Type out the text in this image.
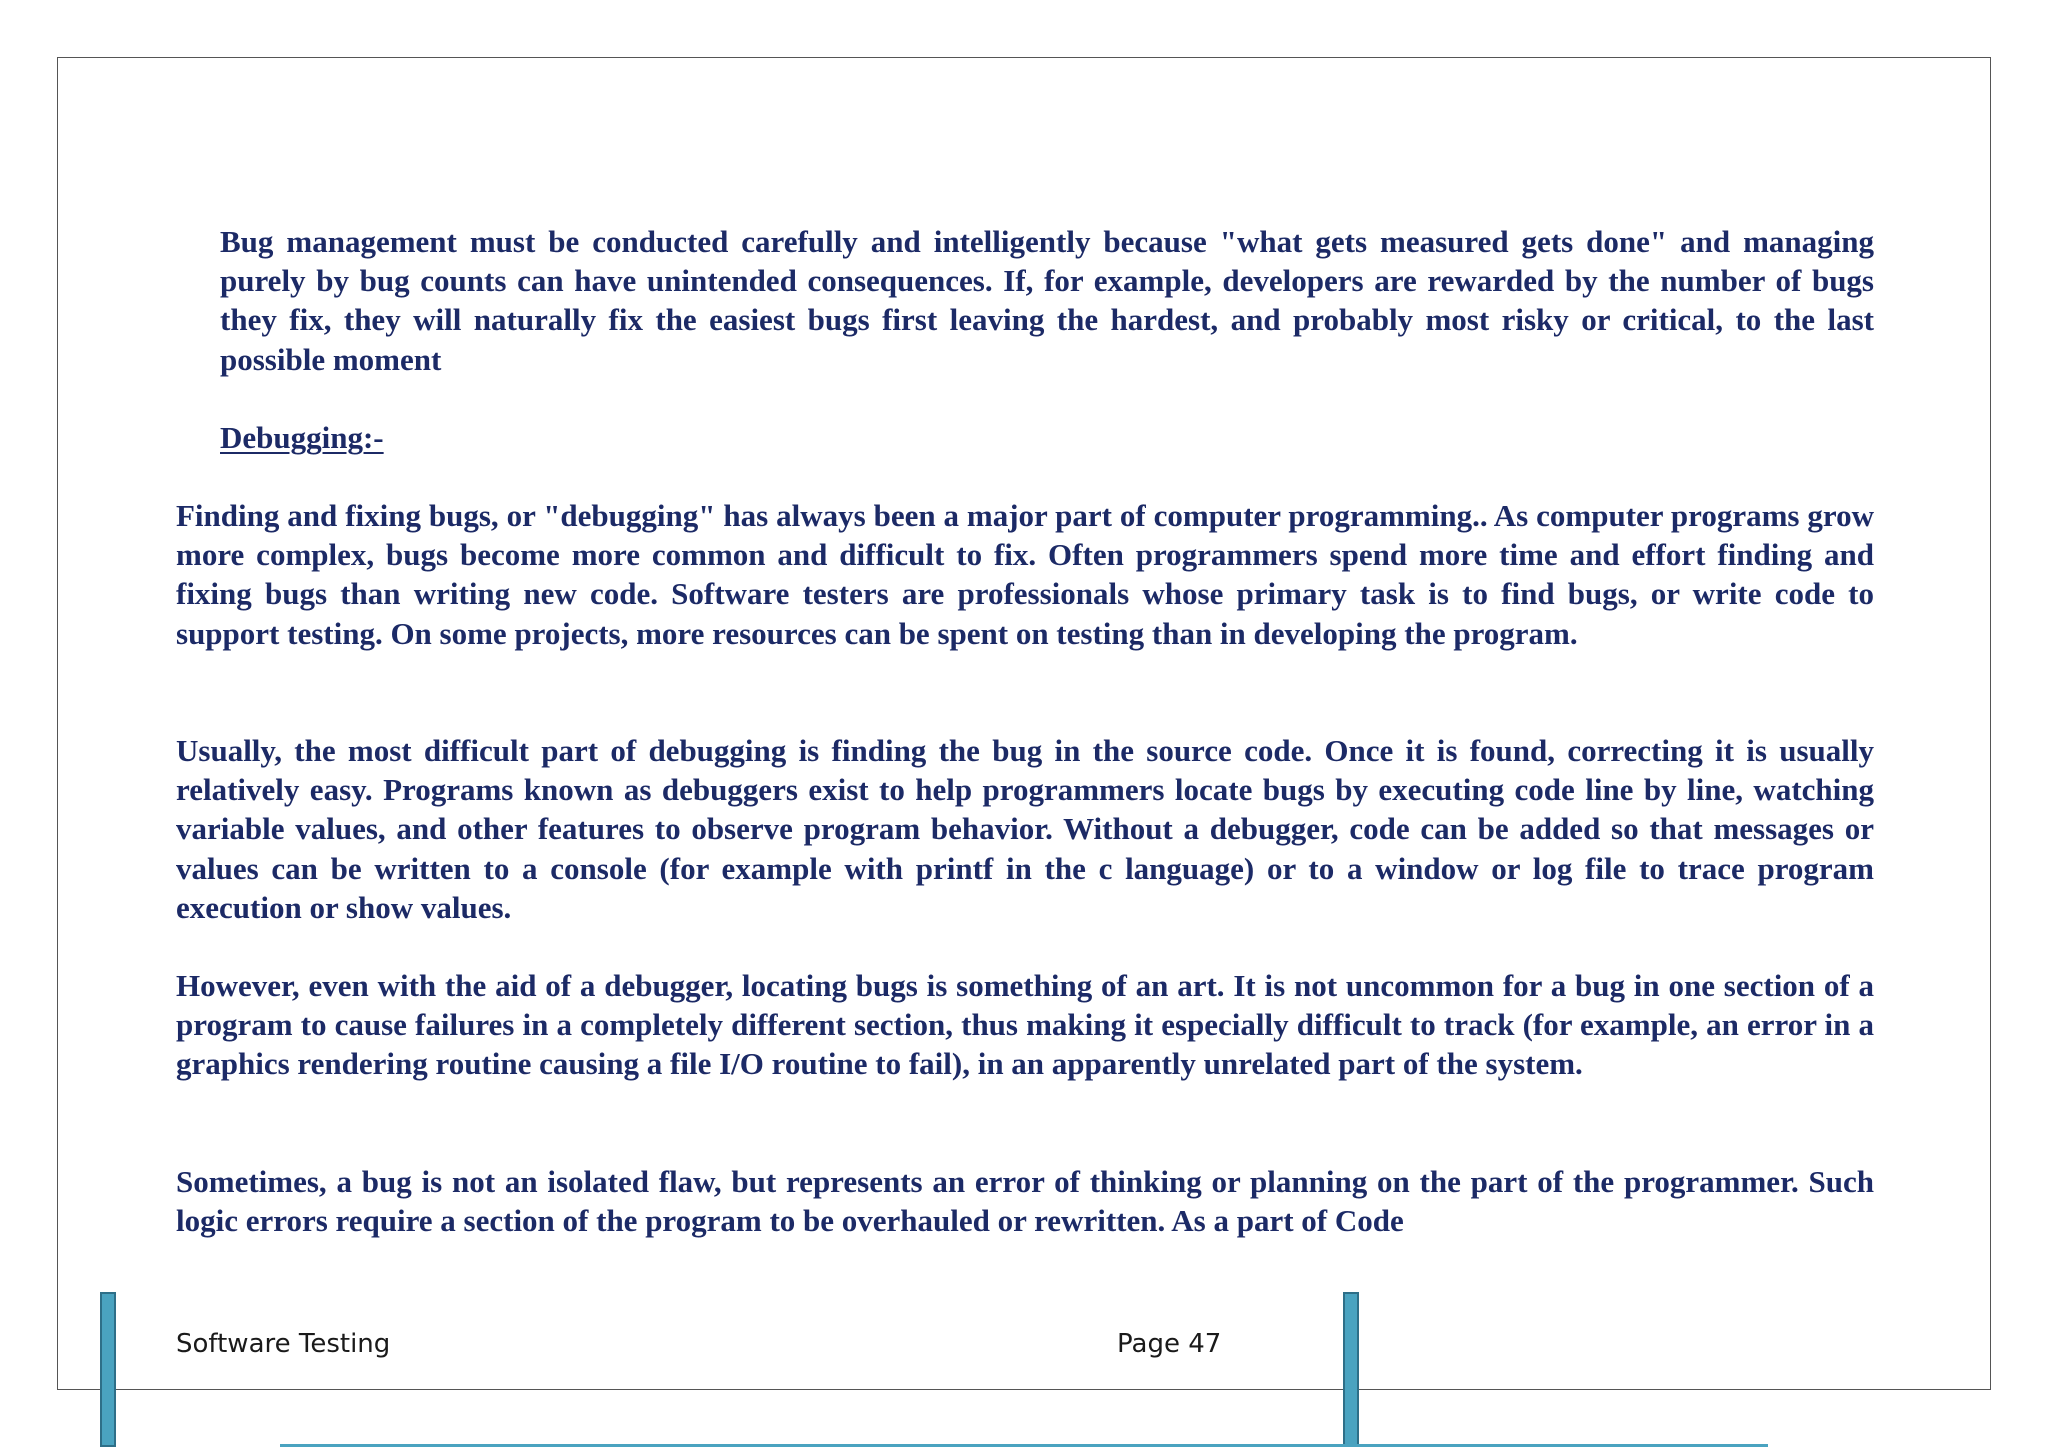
Bug management must be conducted carefully and intelligently because "what gets measured gets done" and managing purely by bug counts can have unintended consequences. If, for example, developers are rewarded by the number of bugs they fix, they will naturally fix the easiest bugs first leaving the hardest, and probably most risky or critical, to the last possible moment

Debugging:-

Finding and fixing bugs, or "debugging" has always been a major part of computer programming.. As computer programs grow more complex, bugs become more common and difficult to fix. Often programmers spend more time and effort finding and fixing bugs than writing new code. Software testers are professionals whose primary task is to find bugs, or write code to support testing. On some projects, more resources can be spent on testing than in developing the program.

Usually, the most difficult part of debugging is finding the bug in the source code. Once it is found, correcting it is usually relatively easy. Programs known as debuggers exist to help programmers locate bugs by executing code line by line, watching variable values, and other features to observe program behavior. Without a debugger, code can be added so that messages or values can be written to a console (for example with printf in the c language) or to a window or log file to trace program execution or show values.

However, even with the aid of a debugger, locating bugs is something of an art. It is not uncommon for a bug in one section of a program to cause failures in a completely different section, thus making it especially difficult to track (for example, an error in a graphics rendering routine causing a file I/O routine to fail), in an apparently unrelated part of the system.

Sometimes, a bug is not an isolated flaw, but represents an error of thinking or planning on the part of the programmer. Such logic errors require a section of the program to be overhauled or rewritten. As a part of Code

Software Testing	Page 47
